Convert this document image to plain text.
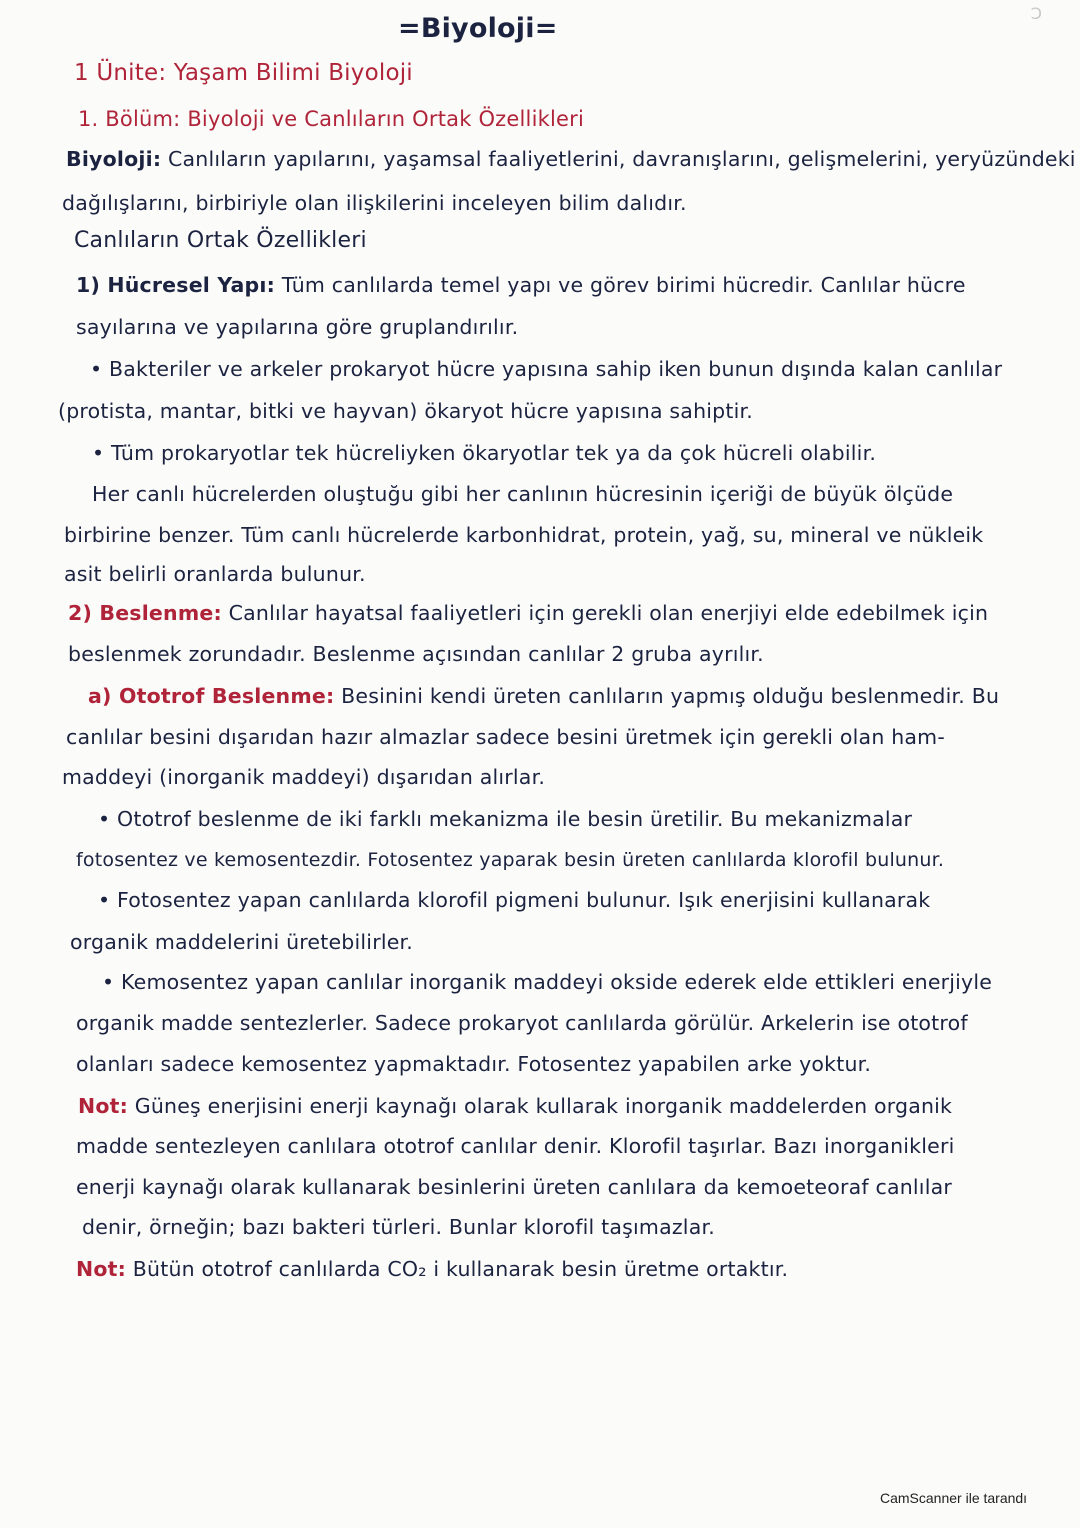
Ɔ
=Biyoloji=
1 Ünite: Yaşam Bilimi Biyoloji
1. Bölüm: Biyoloji ve Canlıların Ortak Özellikleri
Biyoloji: Canlıların yapılarını, yaşamsal faaliyetlerini, davranışlarını, gelişmelerini, yeryüzündeki
dağılışlarını, birbiriyle olan ilişkilerini inceleyen bilim dalıdır.
Canlıların Ortak Özellikleri
1) Hücresel Yapı: Tüm canlılarda temel yapı ve görev birimi hücredir. Canlılar hücre
sayılarına ve yapılarına göre gruplandırılır.
• Bakteriler ve arkeler prokaryot hücre yapısına sahip iken bunun dışında kalan canlılar
(protista, mantar, bitki ve hayvan) ökaryot hücre yapısına sahiptir.
• Tüm prokaryotlar tek hücreliyken ökaryotlar tek ya da çok hücreli olabilir.
Her canlı hücrelerden oluştuğu gibi her canlının hücresinin içeriği de büyük ölçüde
birbirine benzer. Tüm canlı hücrelerde karbonhidrat, protein, yağ, su, mineral ve nükleik
asit belirli oranlarda bulunur.
2) Beslenme: Canlılar hayatsal faaliyetleri için gerekli olan enerjiyi elde edebilmek için
beslenmek zorundadır. Beslenme açısından canlılar 2 gruba ayrılır.
a) Ototrof Beslenme: Besinini kendi üreten canlıların yapmış olduğu beslenmedir. Bu
canlılar besini dışarıdan hazır almazlar sadece besini üretmek için gerekli olan ham-
maddeyi (inorganik maddeyi) dışarıdan alırlar.
• Ototrof beslenme de iki farklı mekanizma ile besin üretilir. Bu mekanizmalar
fotosentez ve kemosentezdir. Fotosentez yaparak besin üreten canlılarda klorofil bulunur.
• Fotosentez yapan canlılarda klorofil pigmeni bulunur. Işık enerjisini kullanarak
organik maddelerini üretebilirler.
• Kemosentez yapan canlılar inorganik maddeyi okside ederek elde ettikleri enerjiyle
organik madde sentezlerler. Sadece prokaryot canlılarda görülür. Arkelerin ise ototrof
olanları sadece kemosentez yapmaktadır. Fotosentez yapabilen arke yoktur.
Not: Güneş enerjisini enerji kaynağı olarak kullarak inorganik maddelerden organik
madde sentezleyen canlılara ototrof canlılar denir. Klorofil taşırlar. Bazı inorganikleri
enerji kaynağı olarak kullanarak besinlerini üreten canlılara da kemoeteoraf canlılar
denir, örneğin; bazı bakteri türleri. Bunlar klorofil taşımazlar.
Not: Bütün ototrof canlılarda CO₂ i kullanarak besin üretme ortaktır.
CamScanner ile tarandı
